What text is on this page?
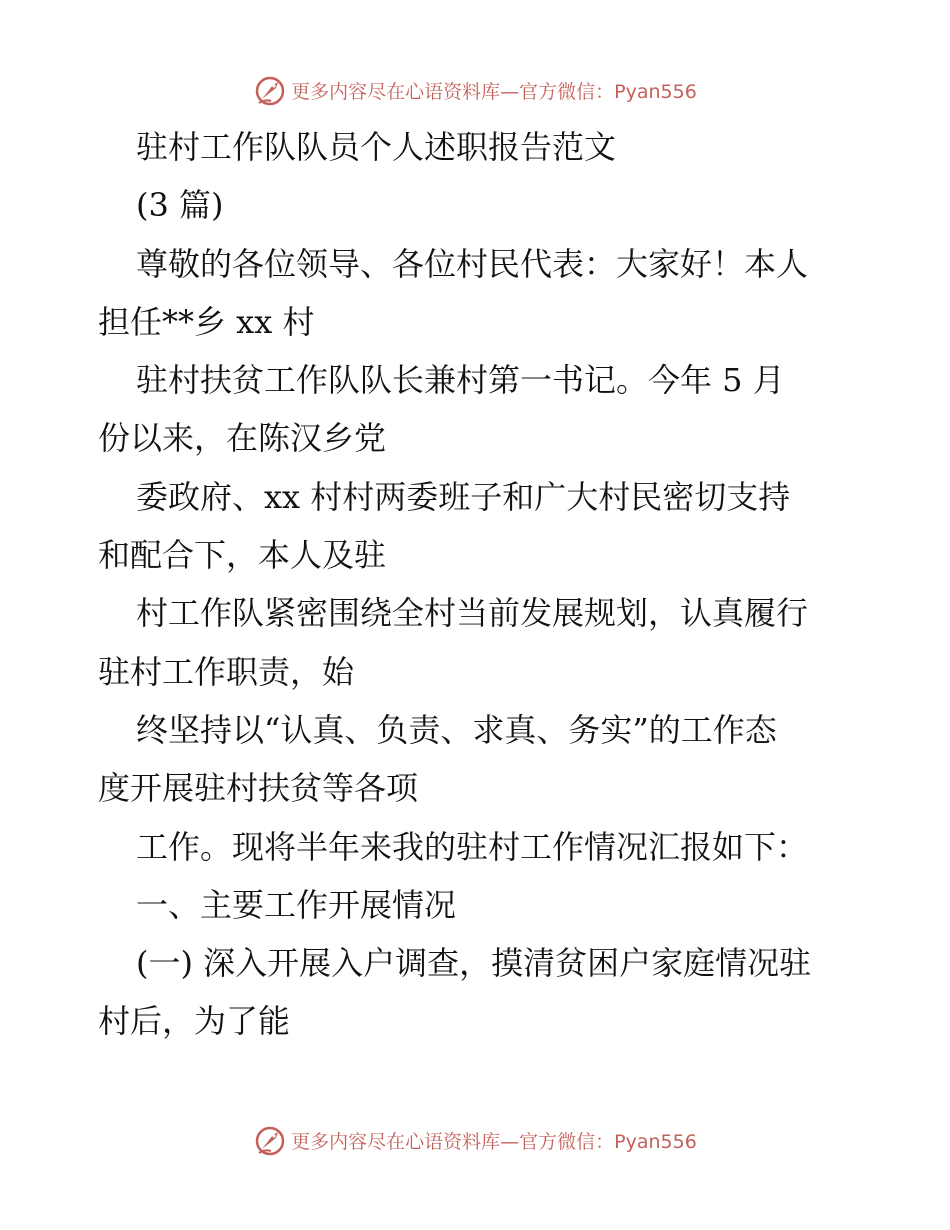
更多内容尽在心语资料库—官方微信：Pyan556

驻村工作队队员个人述职报告范文

(3 篇)

尊敬的各位领导、各位村民代表：大家好！本人

担任**乡 xx 村

驻村扶贫工作队队长兼村第一书记。今年 5 月

份以来，在陈汉乡党

委政府、xx 村村两委班子和广大村民密切支持

和配合下，本人及驻

村工作队紧密围绕全村当前发展规划，认真履行

驻村工作职责，始

终坚持以“认真、负责、求真、务实”的工作态

度开展驻村扶贫等各项

工作。现将半年来我的驻村工作情况汇报如下：

一、主要工作开展情况

(一) 深入开展入户调查，摸清贫困户家庭情况驻

村后，为了能

更多内容尽在心语资料库—官方微信：Pyan556
